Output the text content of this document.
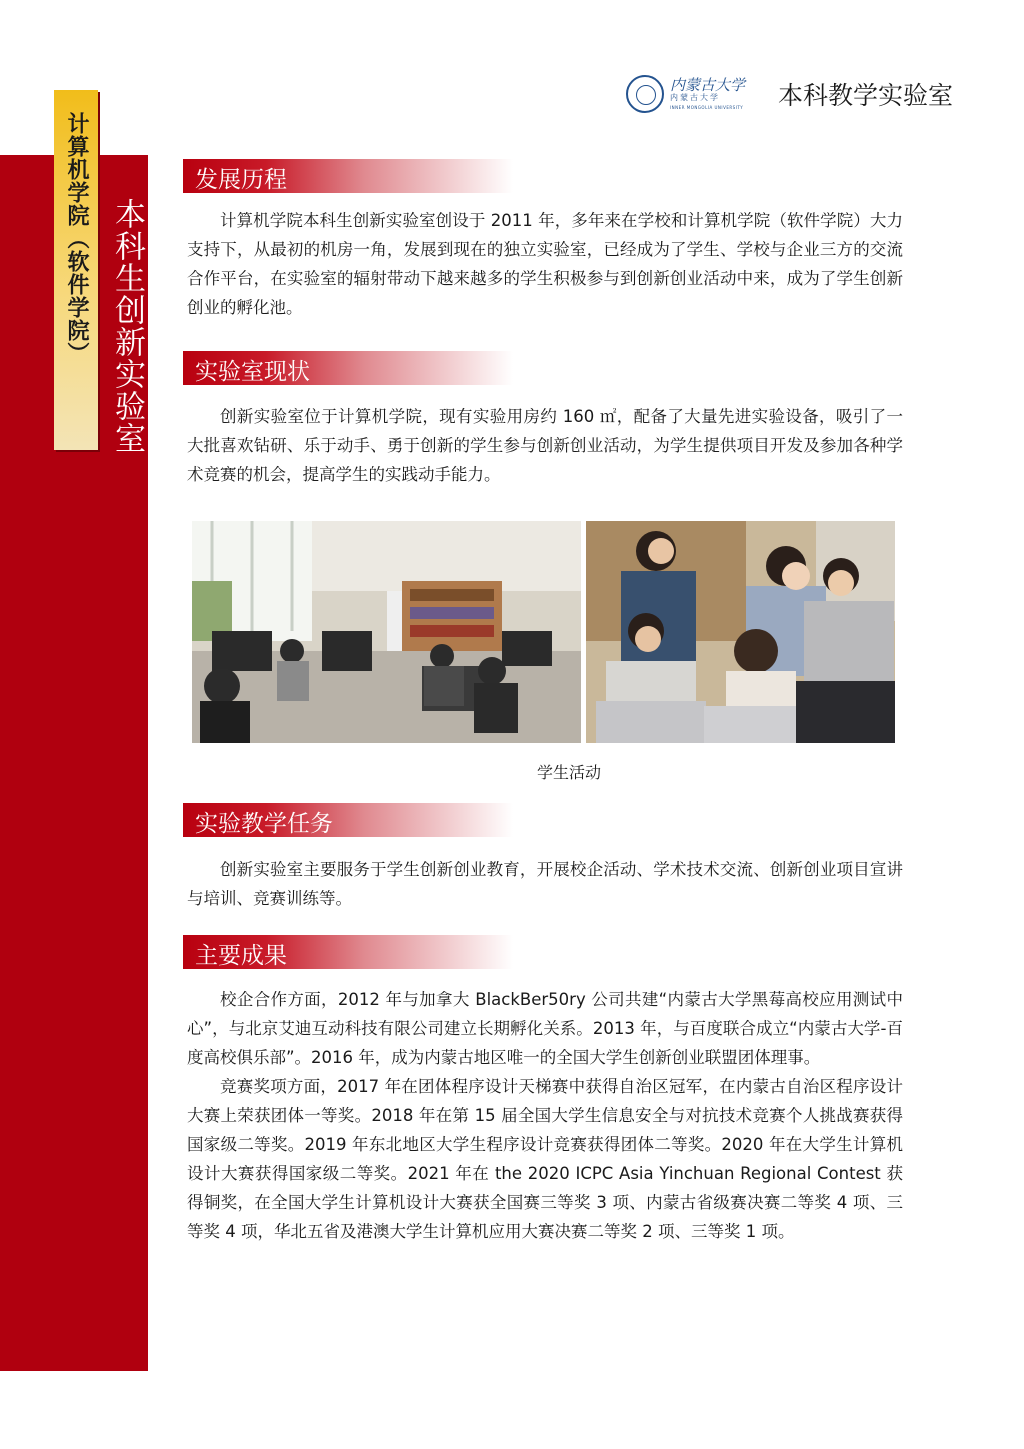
计算机学院（软件学院） 本科生创新实验室
内蒙古大学
内蒙古大学
INNER MONGOLIA UNIVERSITY 本科教学实验室
发展历程

计算机学院本科生创新实验室创设于 2011 年，多年来在学校和计算机学院（软件学院）大力支持下，从最初的机房一角，发展到现在的独立实验室，已经成为了学生、学校与企业三方的交流合作平台，在实验室的辐射带动下越来越多的学生积极参与到创新创业活动中来，成为了学生创新创业的孵化池。

实验室现状

创新实验室位于计算机学院，现有实验用房约 160 ㎡，配备了大量先进实验设备，吸引了一大批喜欢钻研、乐于动手、勇于创新的学生参与创新创业活动，为学生提供项目开发及参加各种学术竞赛的机会，提高学生的实践动手能力。

学生活动
实验教学任务

创新实验室主要服务于学生创新创业教育，开展校企活动、学术技术交流、创新创业项目宣讲与培训、竞赛训练等。

主要成果

校企合作方面，2012 年与加拿大 BlackBer50ry 公司共建“内蒙古大学黑莓高校应用测试中心”，与北京艾迪互动科技有限公司建立长期孵化关系。2013 年，与百度联合成立“内蒙古大学-百度高校俱乐部”。2016 年，成为内蒙古地区唯一的全国大学生创新创业联盟团体理事。

竞赛奖项方面，2017 年在团体程序设计天梯赛中获得自治区冠军，在内蒙古自治区程序设计大赛上荣获团体一等奖。2018 年在第 15 届全国大学生信息安全与对抗技术竞赛个人挑战赛获得国家级二等奖。2019 年东北地区大学生程序设计竞赛获得团体二等奖。2020 年在大学生计算机设计大赛获得国家级二等奖。2021 年在 the 2020 ICPC Asia Yinchuan Regional Contest 获得铜奖，在全国大学生计算机设计大赛获全国赛三等奖 3 项、内蒙古省级赛决赛二等奖 4 项、三等奖 4 项，华北五省及港澳大学生计算机应用大赛决赛二等奖 2 项、三等奖 1 项。
